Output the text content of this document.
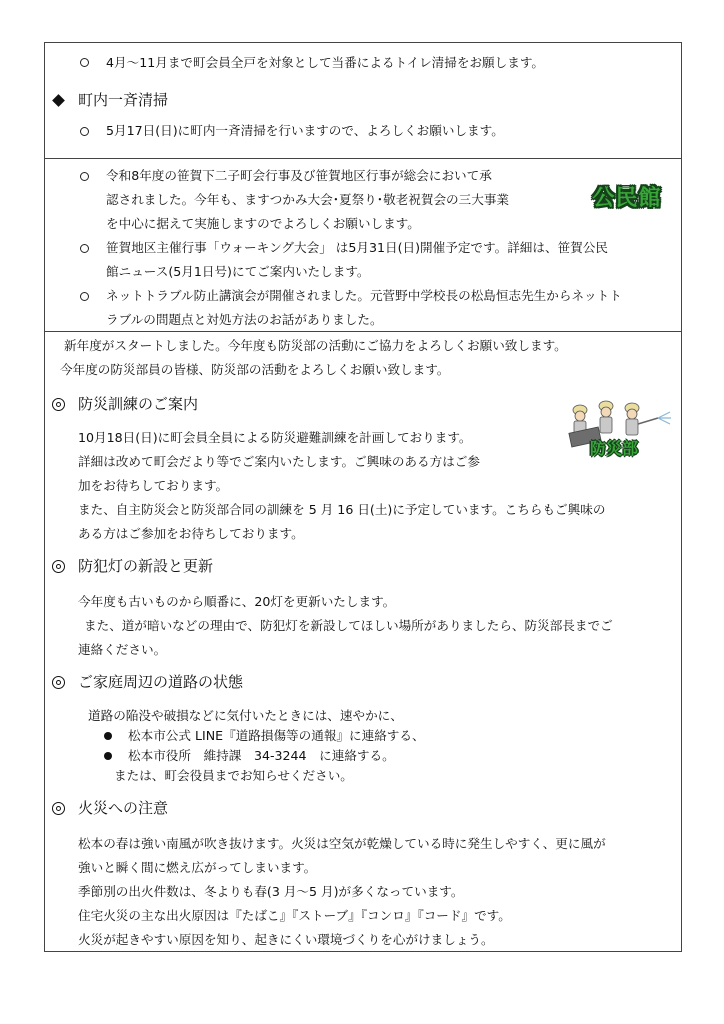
4月～11月まで町会員全戸を対象として当番によるトイレ清掃をお願します。
町内一斉清掃
5月17日(日)に町内一斉清掃を行いますので、よろしくお願いします。
公民館
令和8年度の笹賀下二子町会行事及び笹賀地区行事が総会において承
認されました。今年も、ますつかみ大会･夏祭り･敬老祝賀会の三大事業
を中心に据えて実施しますのでよろしくお願いします。
笹賀地区主催行事「ウォーキング大会」 は5月31日(日)開催予定です。詳細は、笹賀公民
館ニュース(5月1日号)にてご案内いたします。
ネットトラブル防止講演会が開催されました。元菅野中学校長の松島恒志先生からネットト
ラブルの問題点と対処方法のお話がありました。
新年度がスタートしました。今年度も防災部の活動にご協力をよろしくお願い致します。
今年度の防災部員の皆様、防災部の活動をよろしくお願い致します。
防災部
防災訓練のご案内
10月18日(日)に町会員全員による防災避難訓練を計画しております。
詳細は改めて町会だより等でご案内いたします。ご興味のある方はご参
加をお待ちしております。
また、自主防災会と防災部合同の訓練を 5 月 16 日(土)に予定しています。こちらもご興味の
ある方はご参加をお待ちしております。
防犯灯の新設と更新
今年度も古いものから順番に、20灯を更新いたします。
また、道が暗いなどの理由で、防犯灯を新設してほしい場所がありましたら、防災部長までご
連絡ください。
ご家庭周辺の道路の状態
道路の陥没や破損などに気付いたときには、速やかに、
松本市公式 LINE『道路損傷等の通報』に連絡する、
松本市役所　維持課　34-3244　に連絡する。
または、町会役員までお知らせください。
火災への注意
松本の春は強い南風が吹き抜けます。火災は空気が乾燥している時に発生しやすく、更に風が
強いと瞬く間に燃え広がってしまいます。
季節別の出火件数は、冬よりも春(3 月～5 月)が多くなっています。
住宅火災の主な出火原因は『たばこ』『ストーブ』『コンロ』『コード』です。
火災が起きやすい原因を知り、起きにくい環境づくりを心がけましょう。
